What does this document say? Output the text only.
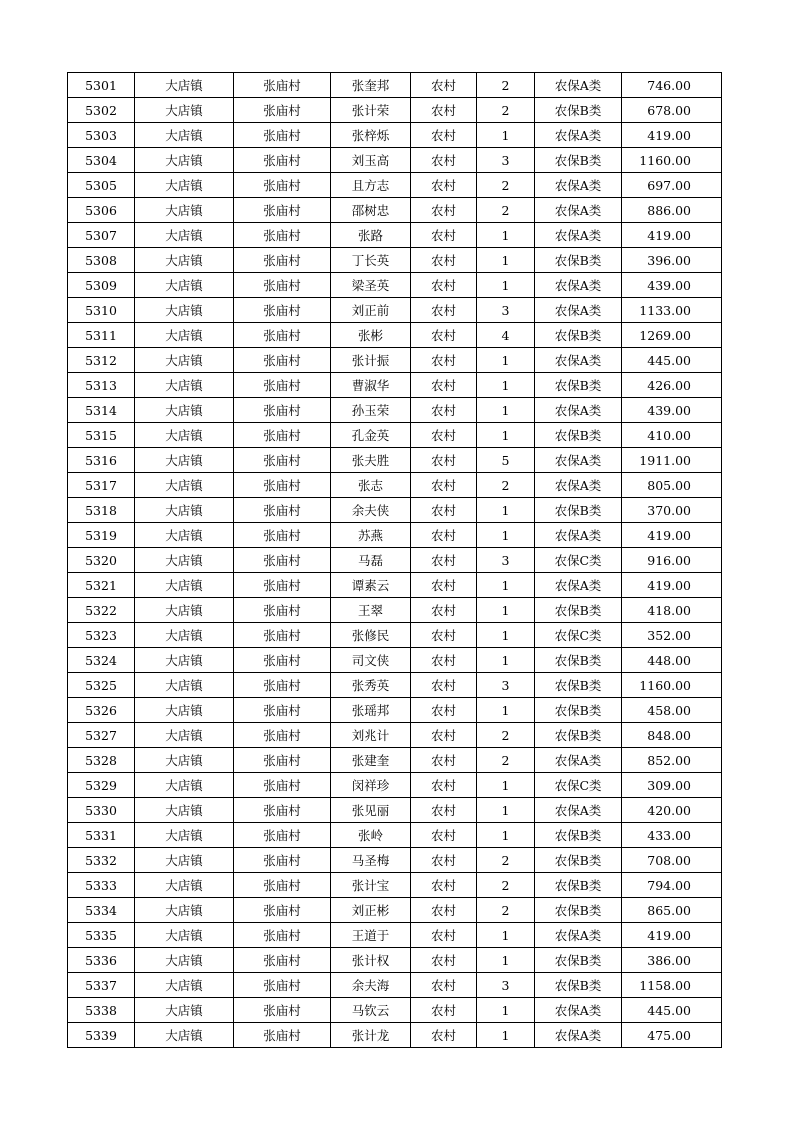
5301	大店镇	张庙村	张奎邦	农村	2	农保A类	746.00
5302	大店镇	张庙村	张计荣	农村	2	农保B类	678.00
5303	大店镇	张庙村	张梓烁	农村	1	农保A类	419.00
5304	大店镇	张庙村	刘玉高	农村	3	农保B类	1160.00
5305	大店镇	张庙村	且方志	农村	2	农保A类	697.00
5306	大店镇	张庙村	邵树忠	农村	2	农保A类	886.00
5307	大店镇	张庙村	张路	农村	1	农保A类	419.00
5308	大店镇	张庙村	丁长英	农村	1	农保B类	396.00
5309	大店镇	张庙村	梁圣英	农村	1	农保A类	439.00
5310	大店镇	张庙村	刘正前	农村	3	农保A类	1133.00
5311	大店镇	张庙村	张彬	农村	4	农保B类	1269.00
5312	大店镇	张庙村	张计振	农村	1	农保A类	445.00
5313	大店镇	张庙村	曹淑华	农村	1	农保B类	426.00
5314	大店镇	张庙村	孙玉荣	农村	1	农保A类	439.00
5315	大店镇	张庙村	孔金英	农村	1	农保B类	410.00
5316	大店镇	张庙村	张夫胜	农村	5	农保A类	1911.00
5317	大店镇	张庙村	张志	农村	2	农保A类	805.00
5318	大店镇	张庙村	余夫侠	农村	1	农保B类	370.00
5319	大店镇	张庙村	苏燕	农村	1	农保A类	419.00
5320	大店镇	张庙村	马磊	农村	3	农保C类	916.00
5321	大店镇	张庙村	谭素云	农村	1	农保A类	419.00
5322	大店镇	张庙村	王翠	农村	1	农保B类	418.00
5323	大店镇	张庙村	张修民	农村	1	农保C类	352.00
5324	大店镇	张庙村	司文侠	农村	1	农保B类	448.00
5325	大店镇	张庙村	张秀英	农村	3	农保B类	1160.00
5326	大店镇	张庙村	张瑶邦	农村	1	农保B类	458.00
5327	大店镇	张庙村	刘兆计	农村	2	农保B类	848.00
5328	大店镇	张庙村	张建奎	农村	2	农保A类	852.00
5329	大店镇	张庙村	闵祥珍	农村	1	农保C类	309.00
5330	大店镇	张庙村	张见丽	农村	1	农保A类	420.00
5331	大店镇	张庙村	张岭	农村	1	农保B类	433.00
5332	大店镇	张庙村	马圣梅	农村	2	农保B类	708.00
5333	大店镇	张庙村	张计宝	农村	2	农保B类	794.00
5334	大店镇	张庙村	刘正彬	农村	2	农保B类	865.00
5335	大店镇	张庙村	王道于	农村	1	农保A类	419.00
5336	大店镇	张庙村	张计权	农村	1	农保B类	386.00
5337	大店镇	张庙村	余夫海	农村	3	农保B类	1158.00
5338	大店镇	张庙村	马钦云	农村	1	农保A类	445.00
5339	大店镇	张庙村	张计龙	农村	1	农保A类	475.00
